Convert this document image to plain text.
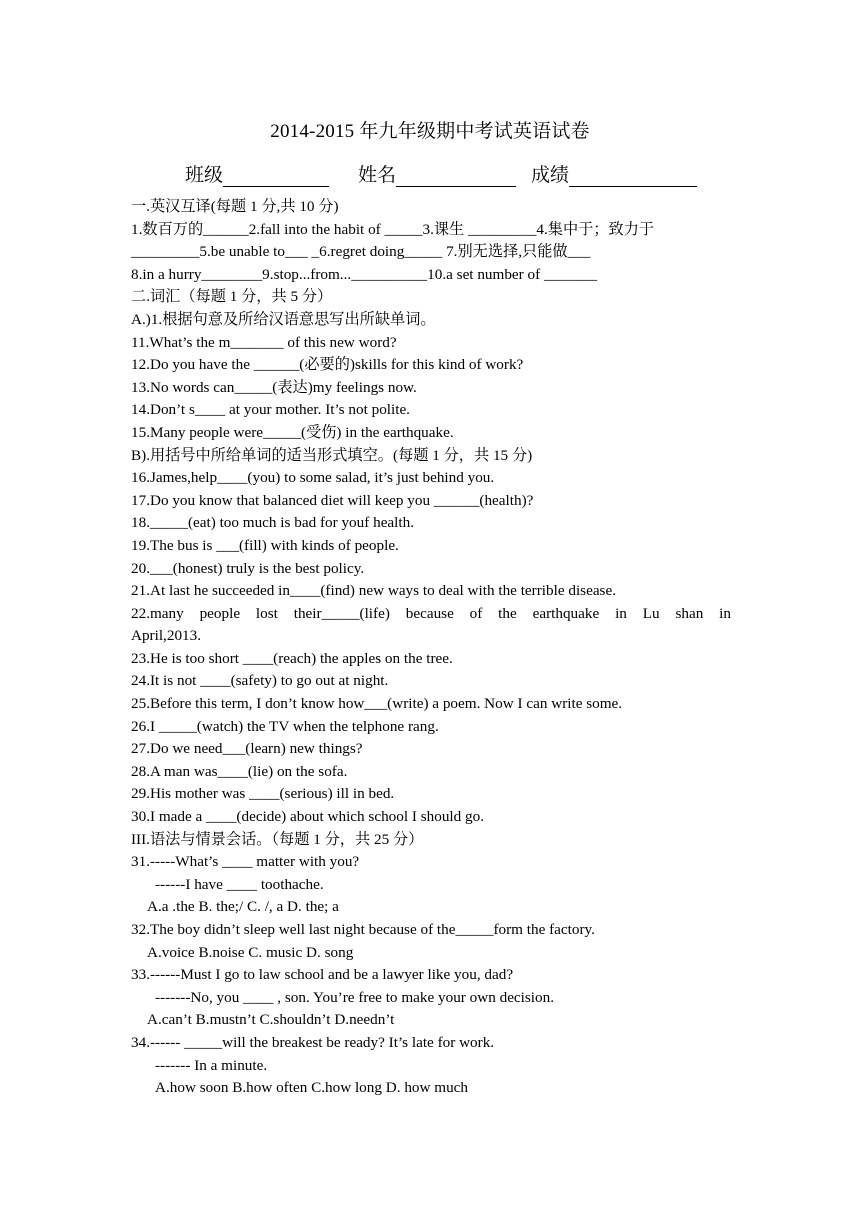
2014-2015 年九年级期中考试英语试卷
班级	姓名	成绩
一.英汉互译(每题 1 分,共 10 分)
1.数百万的______2.fall into the habit of _____3.课生 _________4.集中于；致力于
_________5.be unable to___ _6.regret doing_____ 7.别无选择,只能做___
8.in a hurry________9.stop...from...__________10.a set number of _______
二.词汇（每题 1 分，共 5 分）
A.)1.根据句意及所给汉语意思写出所缺单词。
11.What’s the m_______ of this new word?
12.Do you have the ______(必要的)skills for this kind of work?
13.No words can_____(表达)my feelings now.
14.Don’t s____ at your mother. It’s not polite.
15.Many people were_____(受伤) in the earthquake.
B).用括号中所给单词的适当形式填空。(每题 1 分，共 15 分)
16.James,help____(you) to some salad, it’s just behind you.
17.Do you know that balanced diet will keep you ______(health)?
18._____(eat) too much is bad for youf health.
19.The bus is ___(fill) with kinds of people.
20.___(honest) truly is the best policy.
21.At last he succeeded in____(find) new ways to deal with the terrible disease.
22.many people lost their_____(life) because of the earthquake in Lu shan in
April,2013.
23.He is too short ____(reach) the apples on the tree.
24.It is not ____(safety) to go out at night.
25.Before this term, I don’t know how___(write) a poem. Now I can write some.
26.I _____(watch) the TV when the telphone rang.
27.Do we need___(learn) new things?
28.A man was____(lie) on the sofa.
29.His mother was ____(serious) ill in bed.
30.I made a ____(decide) about which school I should go.
III.语法与情景会话。（每题 1 分，共 25 分）
31.-----What’s ____ matter with you?
------I have ____ toothache.
A.a .the B. the;/ C. /, a D. the; a
32.The boy didn’t sleep well last night because of the_____form the factory.
A.voice B.noise C. music D. song
33.------Must I go to law school and be a lawyer like you, dad?
-------No, you ____ , son. You’re free to make your own decision.
A.can’t B.mustn’t C.shouldn’t D.needn’t
34.------ _____will the breakest be ready? It’s late for work.
------- In a minute.
A.how soon B.how often C.how long D. how much
